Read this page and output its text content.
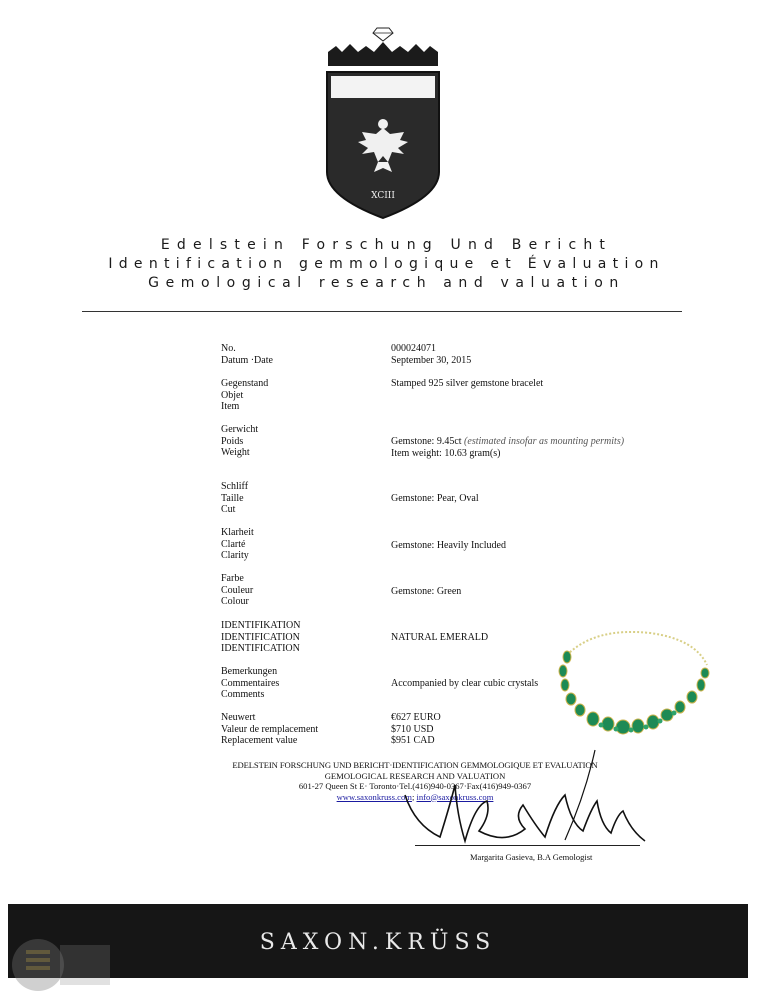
XCIII
Edelstein Forschung Und Bericht
Identification gemmologique et Évaluation
Gemological research and valuation
No.
Datum ·Date
000024071
September 30, 2015
Gegenstand
Objet
Item
Stamped 925 silver gemstone bracelet
Gerwicht
Poids
Weight
Gemstone: 9.45ct (estimated insofar as mounting permits)
Item weight: 10.63 gram(s)
Schliff
Taille
Cut
Gemstone: Pear, Oval
Klarheit
Clarté
Clarity
Gemstone: Heavily Included
Farbe
Couleur
Colour
Gemstone: Green
IDENTIFIKATION
IDENTIFICATION
IDENTIFICATION
NATURAL EMERALD
Bemerkungen
Commentaires
Comments
Accompanied by clear cubic crystals
Neuwert
Valeur de remplacement
Replacement value
€627 EURO
$710 USD
$951 CAD
EDELSTEIN FORSCHUNG UND BERICHT·IDENTIFICATION GEMMOLOGIQUE ET EVALUATION
GEMOLOGICAL RESEARCH AND VALUATION
601-27 Queen St E· Toronto·Tel.(416)940-0367·Fax(416)949-0367
www.saxonkruss.com; info@saxonkruss.com
Margarita Gasieva, B.A Gemologist
SAXON.KRÜSS
